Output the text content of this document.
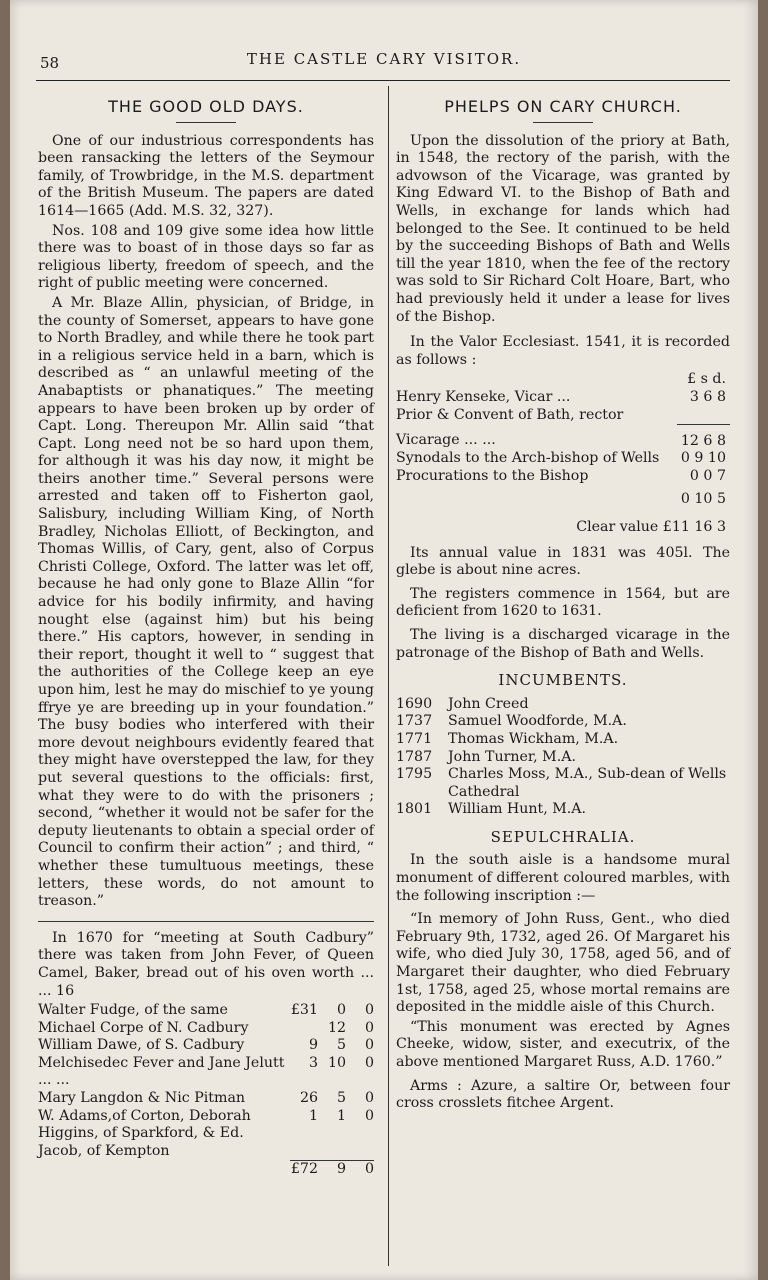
58	THE CASTLE CARY VISITOR.
THE GOOD OLD DAYS.

One of our industrious correspondents has been ransacking the letters of the Seymour family, of Trowbridge, in the M.S. department of the British Museum. The papers are dated 1614—1665 (Add. M.S. 32, 327).

Nos. 108 and 109 give some idea how little there was to boast of in those days so far as religious liberty, freedom of speech, and the right of public meeting were concerned.

A Mr. Blaze Allin, physician, of Bridge, in the county of Somerset, appears to have gone to North Bradley, and while there he took part in a religious service held in a barn, which is described as “ an unlawful meeting of the Anabaptists or phanatiques.” The meeting appears to have been broken up by order of Capt. Long. Thereupon Mr. Allin said “that Capt. Long need not be so hard upon them, for although it was his day now, it might be theirs another time.” Several persons were arrested and taken off to Fisherton gaol, Salisbury, including William King, of North Bradley, Nicholas Elliott, of Beckington, and Thomas Willis, of Cary, gent, also of Corpus Christi College, Oxford. The latter was let off, because he had only gone to Blaze Allin “for advice for his bodily infirmity, and having nought else (against him) but his being there.” His captors, however, in sending in their report, thought it well to “ suggest that the authorities of the College keep an eye upon him, lest he may do mischief to ye young ffrye ye are breeding up in your foundation.” The busy bodies who interfered with their more devout neighbours evidently feared that they might have overstepped the law, for they put several questions to the officials: first, what they were to do with the prisoners ; second, “whether it would not be safer for the deputy lieutenants to obtain a special order of Council to confirm their action” ; and third, “ whether these tumultuous meetings, these letters, these words, do not amount to treason.”

In 1670 for “meeting at South Cadbury” there was taken from John Fever, of Queen Camel, Baker, bread out of his oven worth ... ... 16

Walter Fudge, of the same	£31	0	0
Michael Corpe of N. Cadbury		12	0
William Dawe, of S. Cadbury	9	5	0
Melchisedec Fever and Jane Jelutt ... ...	3	10	0
Mary Langdon & Nic Pitman	26	5	0
W. Adams,of Corton, Deborah Higgins, of Sparkford, & Ed. Jacob, of Kempton	1	1	0
	£72	9	0
PHELPS ON CARY CHURCH.

Upon the dissolution of the priory at Bath, in 1548, the rectory of the parish, with the advowson of the Vicarage, was granted by King Edward VI. to the Bishop of Bath and Wells, in exchange for lands which had belonged to the See. It continued to be held by the succeeding Bishops of Bath and Wells till the year 1810, when the fee of the rectory was sold to Sir Richard Colt Hoare, Bart, who had previously held it under a lease for lives of the Bishop.

In the Valor Ecclesiast. 1541, it is recorded as follows :

£ s d.
Henry Kenseke, Vicar ...	3 6 8
Prior & Convent of Bath, rector	
Vicarage ... ...	12 6 8
Synodals to the Arch-bishop of Wells	0 9 10
Procurations to the Bishop	0 0 7
	0 10 5
Clear value £11 16 3

Its annual value in 1831 was 405l. The glebe is about nine acres.

The registers commence in 1564, but are deficient from 1620 to 1631.

The living is a discharged vicarage in the patronage of the Bishop of Bath and Wells.

INCUMBENTS.
1690	John Creed
1737	Samuel Woodforde, M.A.
1771	Thomas Wickham, M.A.
1787	John Turner, M.A.
1795	Charles Moss, M.A., Sub-dean of Wells Cathedral
1801	William Hunt, M.A.
SEPULCHRALIA.

In the south aisle is a handsome mural monument of different coloured marbles, with the following inscription :—

“In memory of John Russ, Gent., who died February 9th, 1732, aged 26. Of Margaret his wife, who died July 30, 1758, aged 56, and of Margaret their daughter, who died February 1st, 1758, aged 25, whose mortal remains are deposited in the middle aisle of this Church.

“This monument was erected by Agnes Cheeke, widow, sister, and executrix, of the above mentioned Margaret Russ, A.D. 1760.”

Arms : Azure, a saltire Or, between four cross crosslets fitchee Argent.
